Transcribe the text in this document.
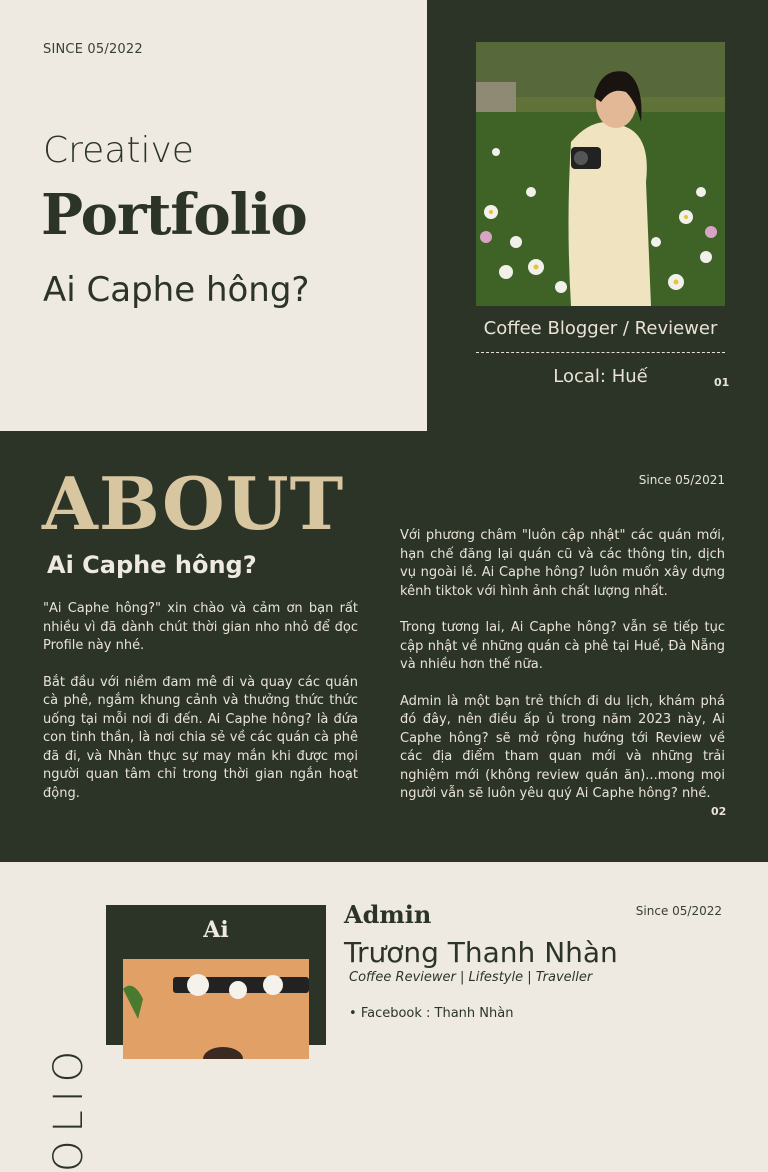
SINCE 05/2022
Creative
Portfolio
Ai Caphe hông?
Coffee Blogger / Reviewer
Local: Huế	01
ABOUT
Ai Caphe hông?
Since 05/2021

"Ai Caphe hông?" xin chào và cảm ơn bạn rất nhiều vì đã dành chút thời gian nho nhỏ để đọc Profile này nhé.

Bắt đầu với niềm đam mê đi và quay các quán cà phê, ngắm khung cảnh và thưởng thức thức uống tại mỗi nơi đi đến. Ai Caphe hông? là đứa con tinh thần, là nơi chia sẻ về các quán cà phê đã đi, và Nhàn thực sự may mắn khi được mọi người quan tâm chỉ trong thời gian ngắn hoạt động.

Với phương châm "luôn cập nhật" các quán mới, hạn chế đăng lại quán cũ và các thông tin, dịch vụ ngoài lề. Ai Caphe hông? luôn muốn xây dựng kênh tiktok với hình ảnh chất lượng nhất.

Trong tương lai, Ai Caphe hông? vẫn sẽ tiếp tục cập nhật về những quán cà phê tại Huế, Đà Nẵng và nhiều hơn thế nữa.

Admin là một bạn trẻ thích đi du lịch, khám phá đó đây, nên điều ấp ủ trong năm 2023 này, Ai Caphe hông? sẽ mở rộng hướng tới Review về các địa điểm tham quan mới và những trải nghiệm mới (không review quán ăn)...mong mọi người vẫn sẽ luôn yêu quý Ai Caphe hông? nhé.

02
OLIO
Ai
Admin	Since 05/2022
Trương Thanh Nhàn
Coffee Reviewer | Lifestyle | Traveller
• Facebook : Thanh Nhàn
